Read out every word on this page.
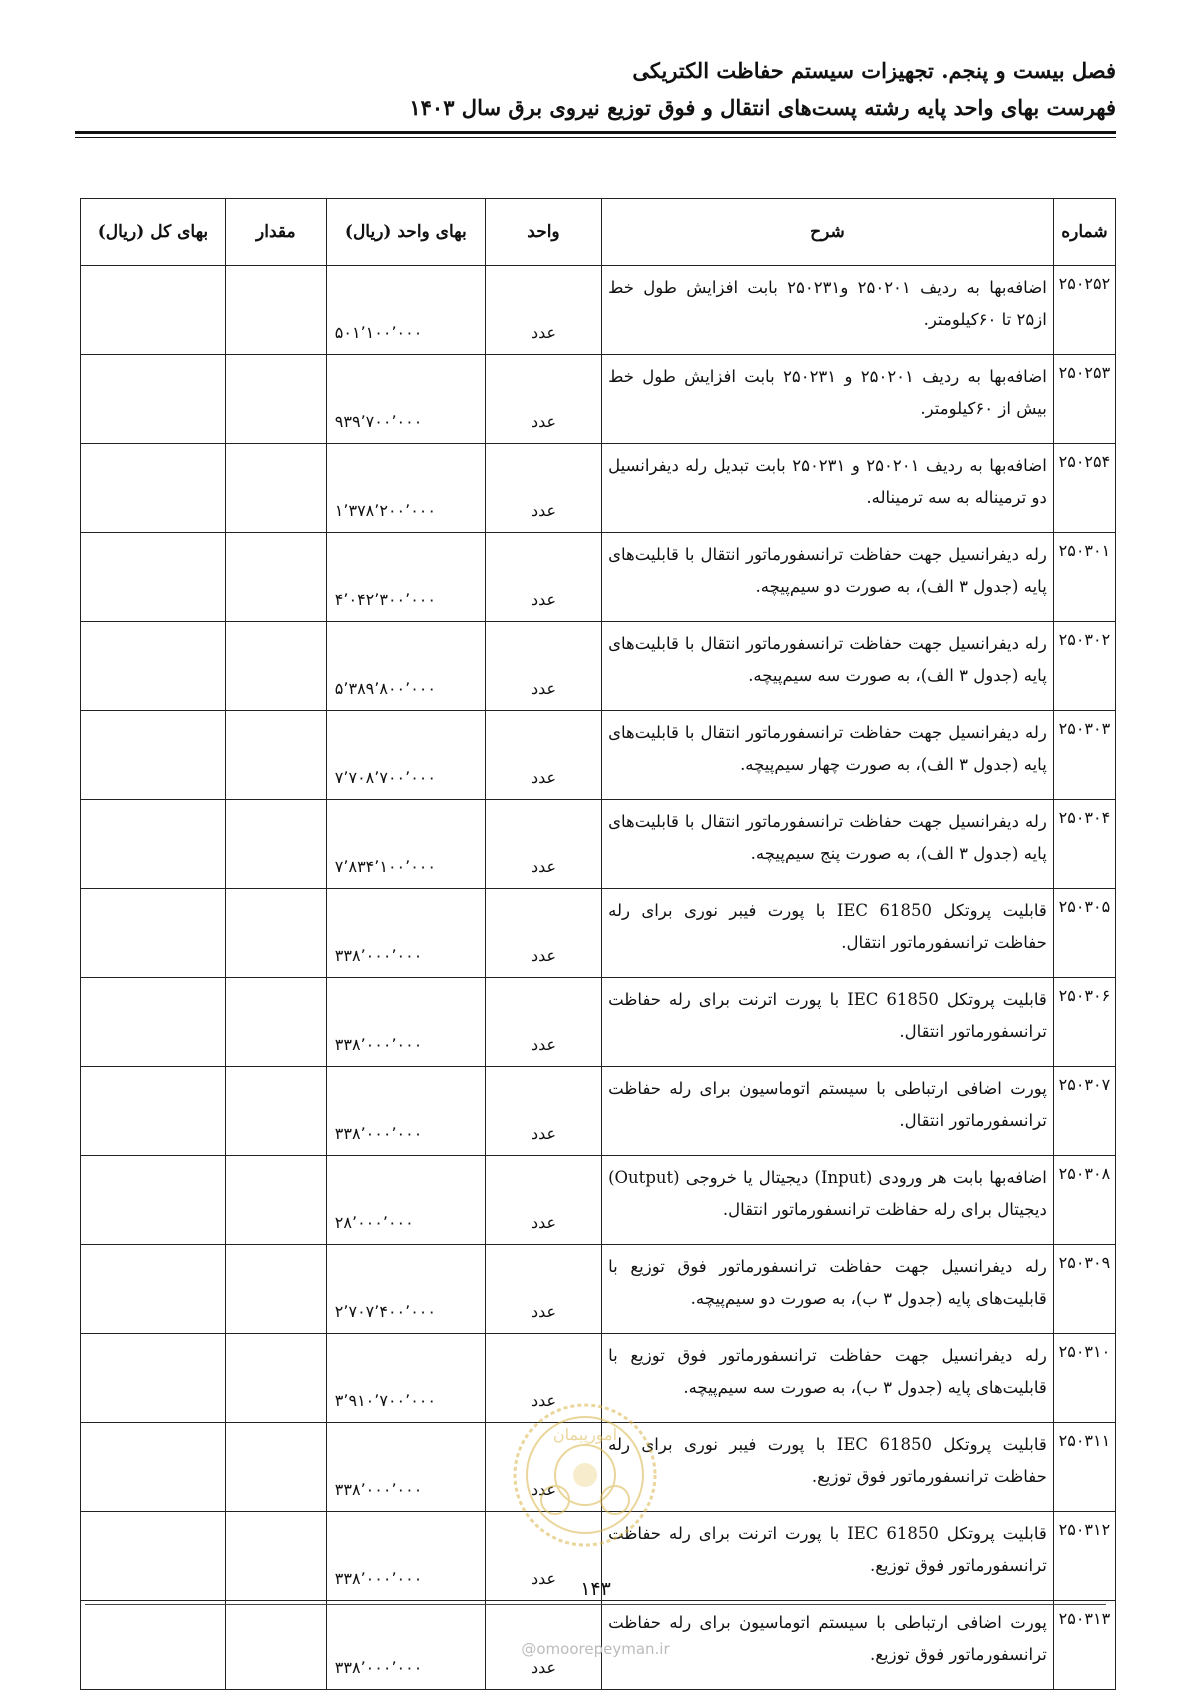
فصل بیست و پنجم. تجهیزات سیستم حفاظت الکتریکی
فهرست بهای واحد پایه رشته پست‌های انتقال و فوق توزیع نیروی برق سال ۱۴۰۳
شماره	شرح	واحد	بهای واحد (ریال)	مقدار	بهای کل (ریال)
۲۵۰۲۵۲	اضافه‌بها به ردیف ۲۵۰۲۰۱ و۲۵۰۲۳۱ بابت افزایش طول خط از۲۵ تا ۶۰کیلومتر.	عدد	۵۰۱٬۱۰۰٬۰۰۰		
۲۵۰۲۵۳	اضافه‌بها به ردیف ۲۵۰۲۰۱ و ۲۵۰۲۳۱ بابت افزایش طول خط بیش از ۶۰کیلومتر.	عدد	۹۳۹٬۷۰۰٬۰۰۰		
۲۵۰۲۵۴	اضافه‌بها به ردیف ۲۵۰۲۰۱ و ۲۵۰۲۳۱ بابت تبدیل رله دیفرانسیل دو ترمیناله به سه ترمیناله.	عدد	۱٬۳۷۸٬۲۰۰٬۰۰۰		
۲۵۰۳۰۱	رله دیفرانسیل جهت حفاظت ترانسفورماتور انتقال با قابلیت‌های پایه (جدول ۳ الف)، به صورت دو سیم‌پیچه.	عدد	۴٬۰۴۲٬۳۰۰٬۰۰۰		
۲۵۰۳۰۲	رله دیفرانسیل جهت حفاظت ترانسفورماتور انتقال با قابلیت‌های پایه (جدول ۳ الف)، به صورت سه سیم‌پیچه.	عدد	۵٬۳۸۹٬۸۰۰٬۰۰۰		
۲۵۰۳۰۳	رله دیفرانسیل جهت حفاظت ترانسفورماتور انتقال با قابلیت‌های پایه (جدول ۳ الف)، به صورت چهار سیم‌پیچه.	عدد	۷٬۷۰۸٬۷۰۰٬۰۰۰		
۲۵۰۳۰۴	رله دیفرانسیل جهت حفاظت ترانسفورماتور انتقال با قابلیت‌های پایه (جدول ۳ الف)، به صورت پنج سیم‌پیچه.	عدد	۷٬۸۳۴٬۱۰۰٬۰۰۰		
۲۵۰۳۰۵	قابلیت پروتکل IEC 61850 با پورت فیبر نوری برای رله حفاظت ترانسفورماتور انتقال.	عدد	۳۳۸٬۰۰۰٬۰۰۰		
۲۵۰۳۰۶	قابلیت پروتکل IEC 61850 با پورت اترنت برای رله حفاظت ترانسفورماتور انتقال.	عدد	۳۳۸٬۰۰۰٬۰۰۰		
۲۵۰۳۰۷	پورت اضافی ارتباطی با سیستم اتوماسیون برای رله حفاظت ترانسفورماتور انتقال.	عدد	۳۳۸٬۰۰۰٬۰۰۰		
۲۵۰۳۰۸	اضافه‌بها بابت هر ورودی (Input) دیجیتال یا خروجی (Output) دیجیتال برای رله حفاظت ترانسفورماتور انتقال.	عدد	۲۸٬۰۰۰٬۰۰۰		
۲۵۰۳۰۹	رله دیفرانسیل جهت حفاظت ترانسفورماتور فوق توزیع با قابلیت‌های پایه (جدول ۳ ب)، به صورت دو سیم‌پیچه.	عدد	۲٬۷۰۷٬۴۰۰٬۰۰۰		
۲۵۰۳۱۰	رله دیفرانسیل جهت حفاظت ترانسفورماتور فوق توزیع با قابلیت‌های پایه (جدول ۳ ب)، به صورت سه سیم‌پیچه.	عدد	۳٬۹۱۰٬۷۰۰٬۰۰۰		
۲۵۰۳۱۱	قابلیت پروتکل IEC 61850 با پورت فیبر نوری برای رله حفاظت ترانسفورماتور فوق توزیع.	عدد	۳۳۸٬۰۰۰٬۰۰۰		
۲۵۰۳۱۲	قابلیت پروتکل IEC 61850 با پورت اترنت برای رله حفاظت ترانسفورماتور فوق توزیع.	عدد	۳۳۸٬۰۰۰٬۰۰۰		
۲۵۰۳۱۳	پورت اضافی ارتباطی با سیستم اتوماسیون برای رله حفاظت ترانسفورماتور فوق توزیع.	عدد	۳۳۸٬۰۰۰٬۰۰۰		
امورپیمان
۱۴۳
@omoorepeyman.ir
